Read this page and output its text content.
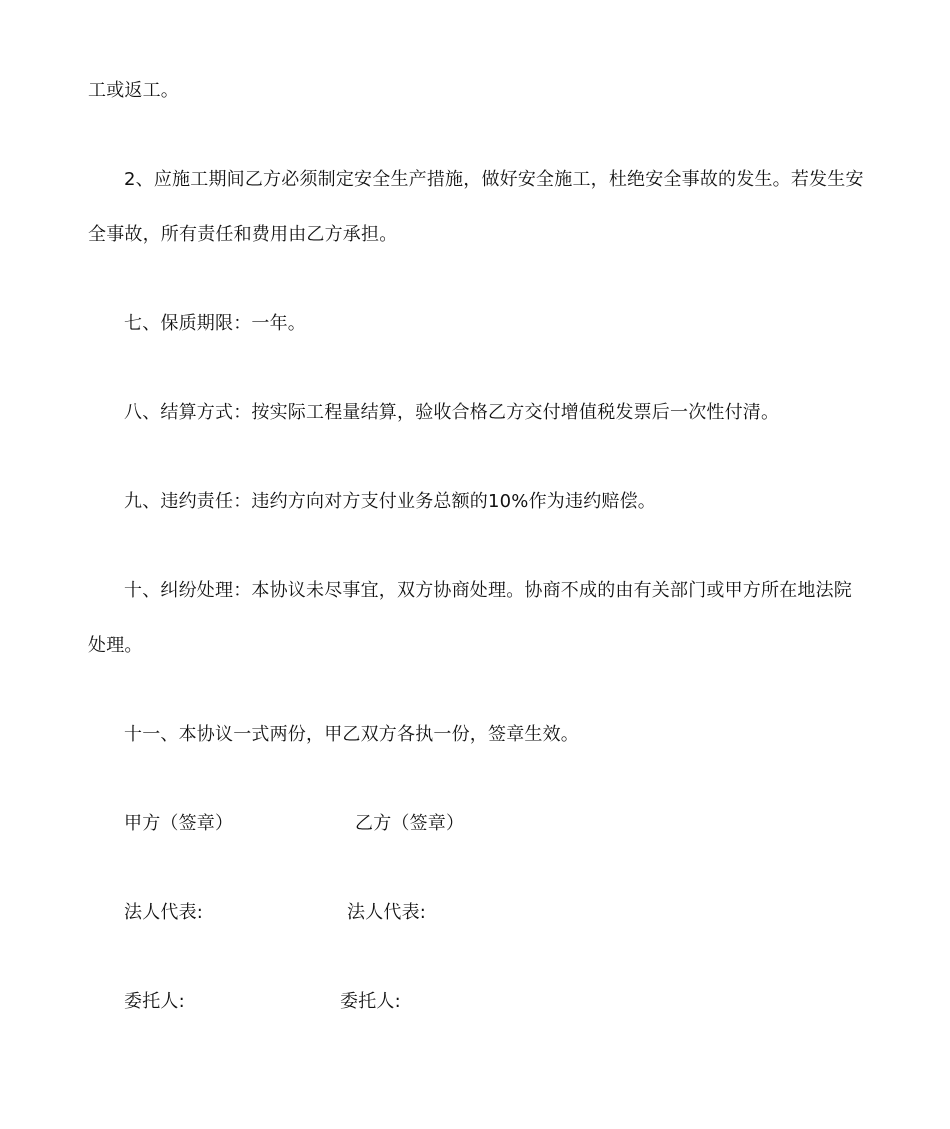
工或返工。
2、应施工期间乙方必须制定安全生产措施，做好安全施工，杜绝安全事故的发生。若发生安
全事故，所有责任和费用由乙方承担。
七、保质期限：一年。
八、结算方式：按实际工程量结算，验收合格乙方交付增值税发票后一次性付清。
九、违约责任：违约方向对方支付业务总额的10%作为违约赔偿。
十、纠纷处理：本协议未尽事宜，双方协商处理。协商不成的由有关部门或甲方所在地法院
处理。
十一、本协议一式两份，甲乙双方各执一份，签章生效。
甲方（签章）	乙方（签章）
法人代表:	法人代表:
委托人:	委托人:
